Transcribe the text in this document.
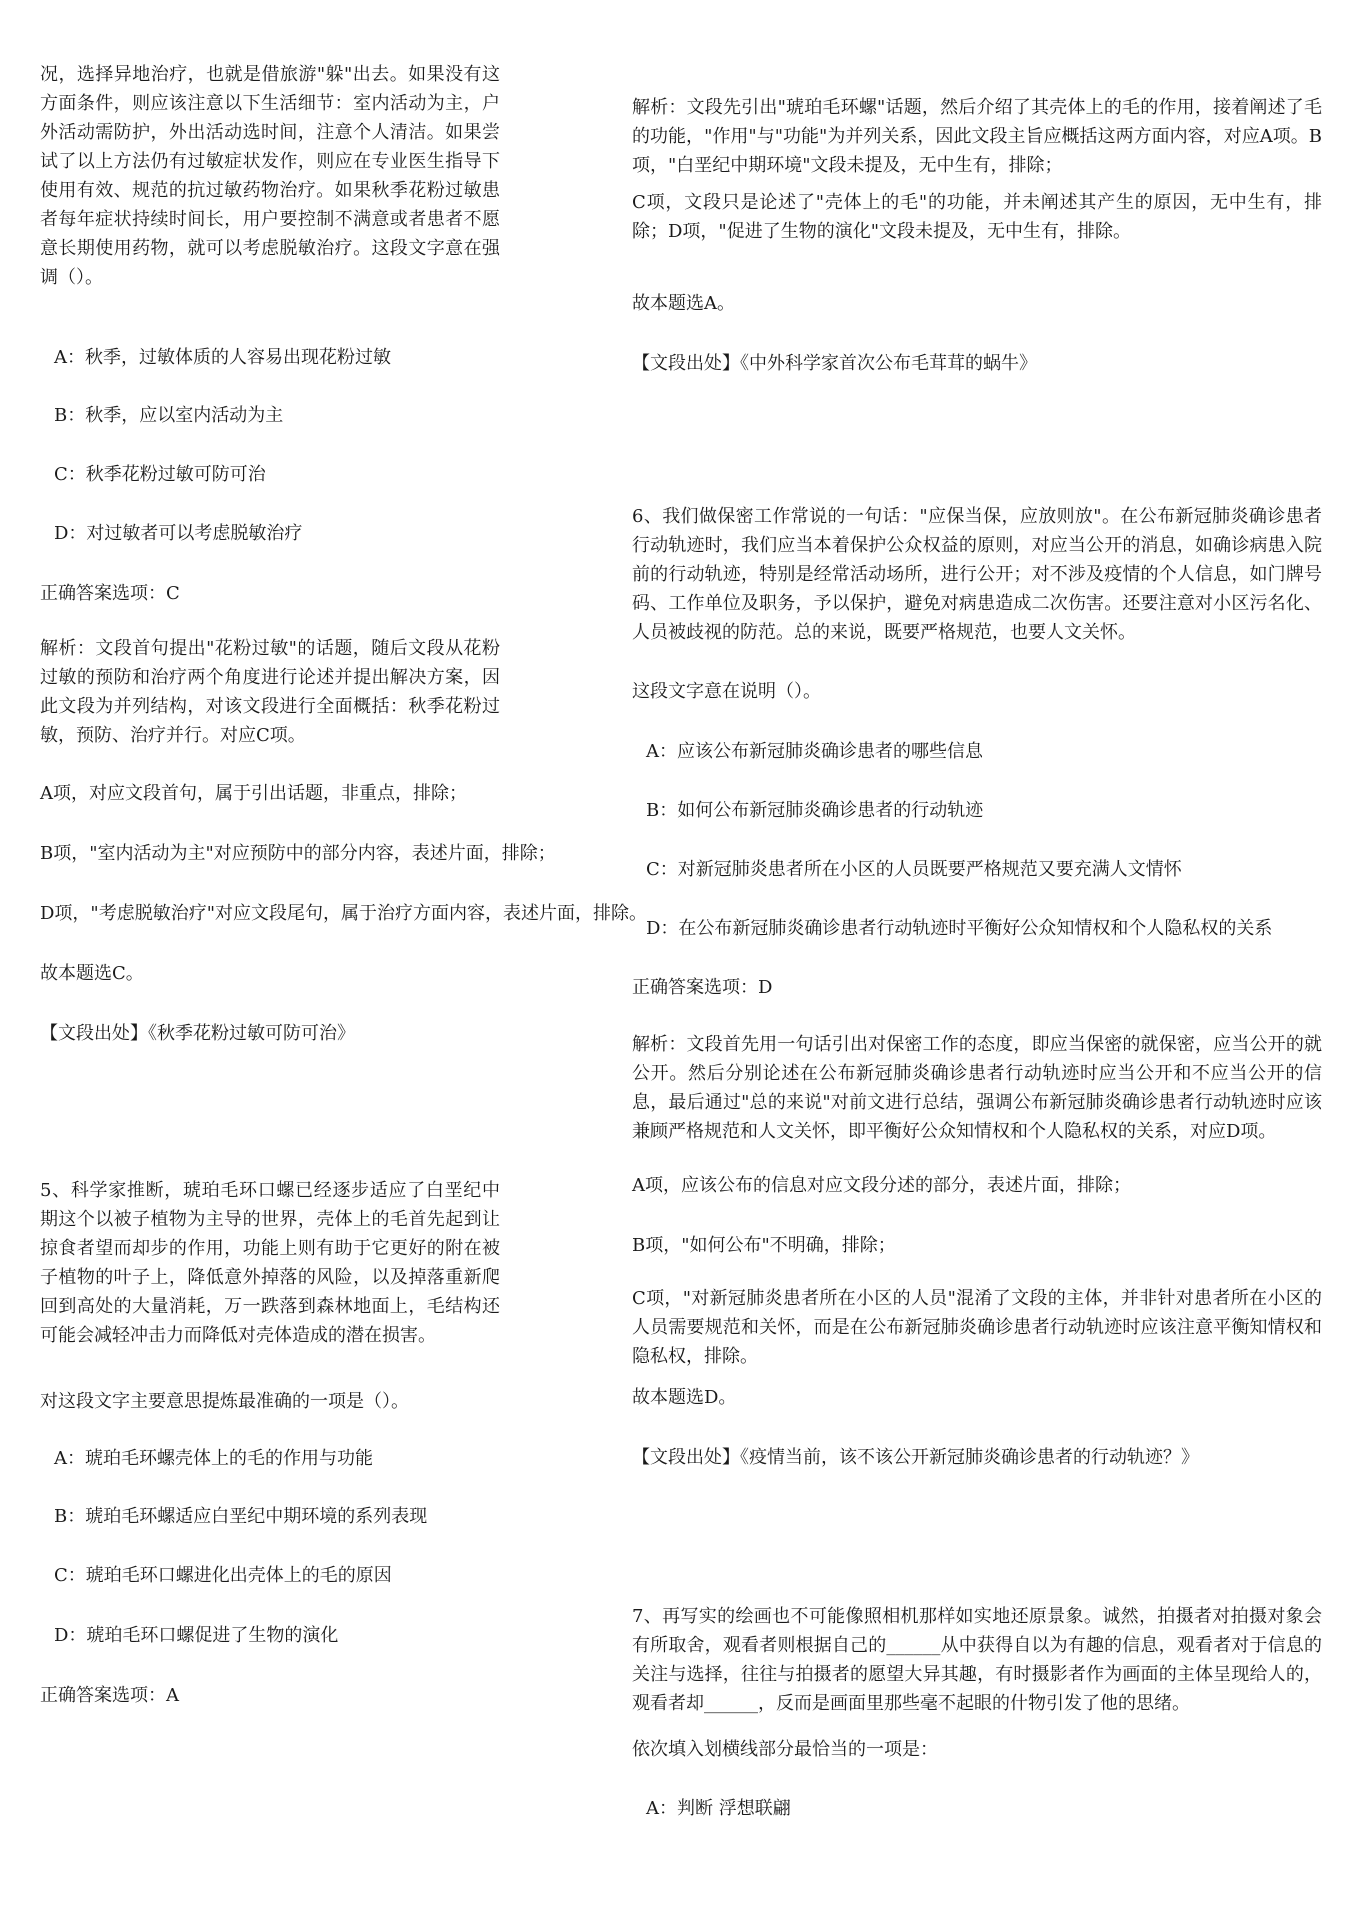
况，选择异地治疗，也就是借旅游"躲"出去。如果没有这方面条件，则应该注意以下生活细节：室内活动为主，户外活动需防护，外出活动选时间，注意个人清洁。如果尝试了以上方法仍有过敏症状发作，则应在专业医生指导下使用有效、规范的抗过敏药物治疗。如果秋季花粉过敏患者每年症状持续时间长，用户要控制不满意或者患者不愿意长期使用药物，就可以考虑脱敏治疗。这段文字意在强调（）。

A：秋季，过敏体质的人容易出现花粉过敏
B：秋季，应以室内活动为主
C：秋季花粉过敏可防可治
D：对过敏者可以考虑脱敏治疗
正确答案选项：C

解析：文段首句提出"花粉过敏"的话题，随后文段从花粉过敏的预防和治疗两个角度进行论述并提出解决方案，因此文段为并列结构，对该文段进行全面概括：秋季花粉过敏，预防、治疗并行。对应C项。

A项，对应文段首句，属于引出话题，非重点，排除；
B项，"室内活动为主"对应预防中的部分内容，表述片面，排除；
D项，"考虑脱敏治疗"对应文段尾句，属于治疗方面内容，表述片面，排除。
故本题选C。
【文段出处】《秋季花粉过敏可防可治》

5、科学家推断，琥珀毛环口螺已经逐步适应了白垩纪中期这个以被子植物为主导的世界，壳体上的毛首先起到让掠食者望而却步的作用，功能上则有助于它更好的附在被子植物的叶子上，降低意外掉落的风险，以及掉落重新爬回到高处的大量消耗，万一跌落到森林地面上，毛结构还可能会减轻冲击力而降低对壳体造成的潜在损害。

对这段文字主要意思提炼最准确的一项是（）。
A：琥珀毛环螺壳体上的毛的作用与功能
B：琥珀毛环螺适应白垩纪中期环境的系列表现
C：琥珀毛环口螺进化出壳体上的毛的原因
D：琥珀毛环口螺促进了生物的演化
正确答案选项：A

解析：文段先引出"琥珀毛环螺"话题，然后介绍了其壳体上的毛的作用，接着阐述了毛的功能，"作用"与"功能"为并列关系，因此文段主旨应概括这两方面内容，对应A项。B项，"白垩纪中期环境"文段未提及，无中生有，排除；

C项，文段只是论述了"壳体上的毛"的功能，并未阐述其产生的原因，无中生有，排除；D项，"促进了生物的演化"文段未提及，无中生有，排除。

故本题选A。
【文段出处】《中外科学家首次公布毛茸茸的蜗牛》

6、我们做保密工作常说的一句话："应保当保，应放则放"。在公布新冠肺炎确诊患者行动轨迹时，我们应当本着保护公众权益的原则，对应当公开的消息，如确诊病患入院前的行动轨迹，特别是经常活动场所，进行公开；对不涉及疫情的个人信息，如门牌号码、工作单位及职务，予以保护，避免对病患造成二次伤害。还要注意对小区污名化、人员被歧视的防范。总的来说，既要严格规范，也要人文关怀。

这段文字意在说明（）。
A：应该公布新冠肺炎确诊患者的哪些信息
B：如何公布新冠肺炎确诊患者的行动轨迹
C：对新冠肺炎患者所在小区的人员既要严格规范又要充满人文情怀
D：在公布新冠肺炎确诊患者行动轨迹时平衡好公众知情权和个人隐私权的关系
正确答案选项：D

解析：文段首先用一句话引出对保密工作的态度，即应当保密的就保密，应当公开的就公开。然后分别论述在公布新冠肺炎确诊患者行动轨迹时应当公开和不应当公开的信息，最后通过"总的来说"对前文进行总结，强调公布新冠肺炎确诊患者行动轨迹时应该兼顾严格规范和人文关怀，即平衡好公众知情权和个人隐私权的关系，对应D项。

A项，应该公布的信息对应文段分述的部分，表述片面，排除；
B项，"如何公布"不明确，排除；

C项，"对新冠肺炎患者所在小区的人员"混淆了文段的主体，并非针对患者所在小区的人员需要规范和关怀，而是在公布新冠肺炎确诊患者行动轨迹时应该注意平衡知情权和隐私权，排除。

故本题选D。
【文段出处】《疫情当前，该不该公开新冠肺炎确诊患者的行动轨迹？》

7、再写实的绘画也不可能像照相机那样如实地还原景象。诚然，拍摄者对拍摄对象会有所取舍，观看者则根据自己的______从中获得自以为有趣的信息，观看者对于信息的关注与选择，往往与拍摄者的愿望大异其趣，有时摄影者作为画面的主体呈现给人的，观看者却______，反而是画面里那些毫不起眼的什物引发了他的思绪。

依次填入划横线部分最恰当的一项是：
A：判断 浮想联翩
